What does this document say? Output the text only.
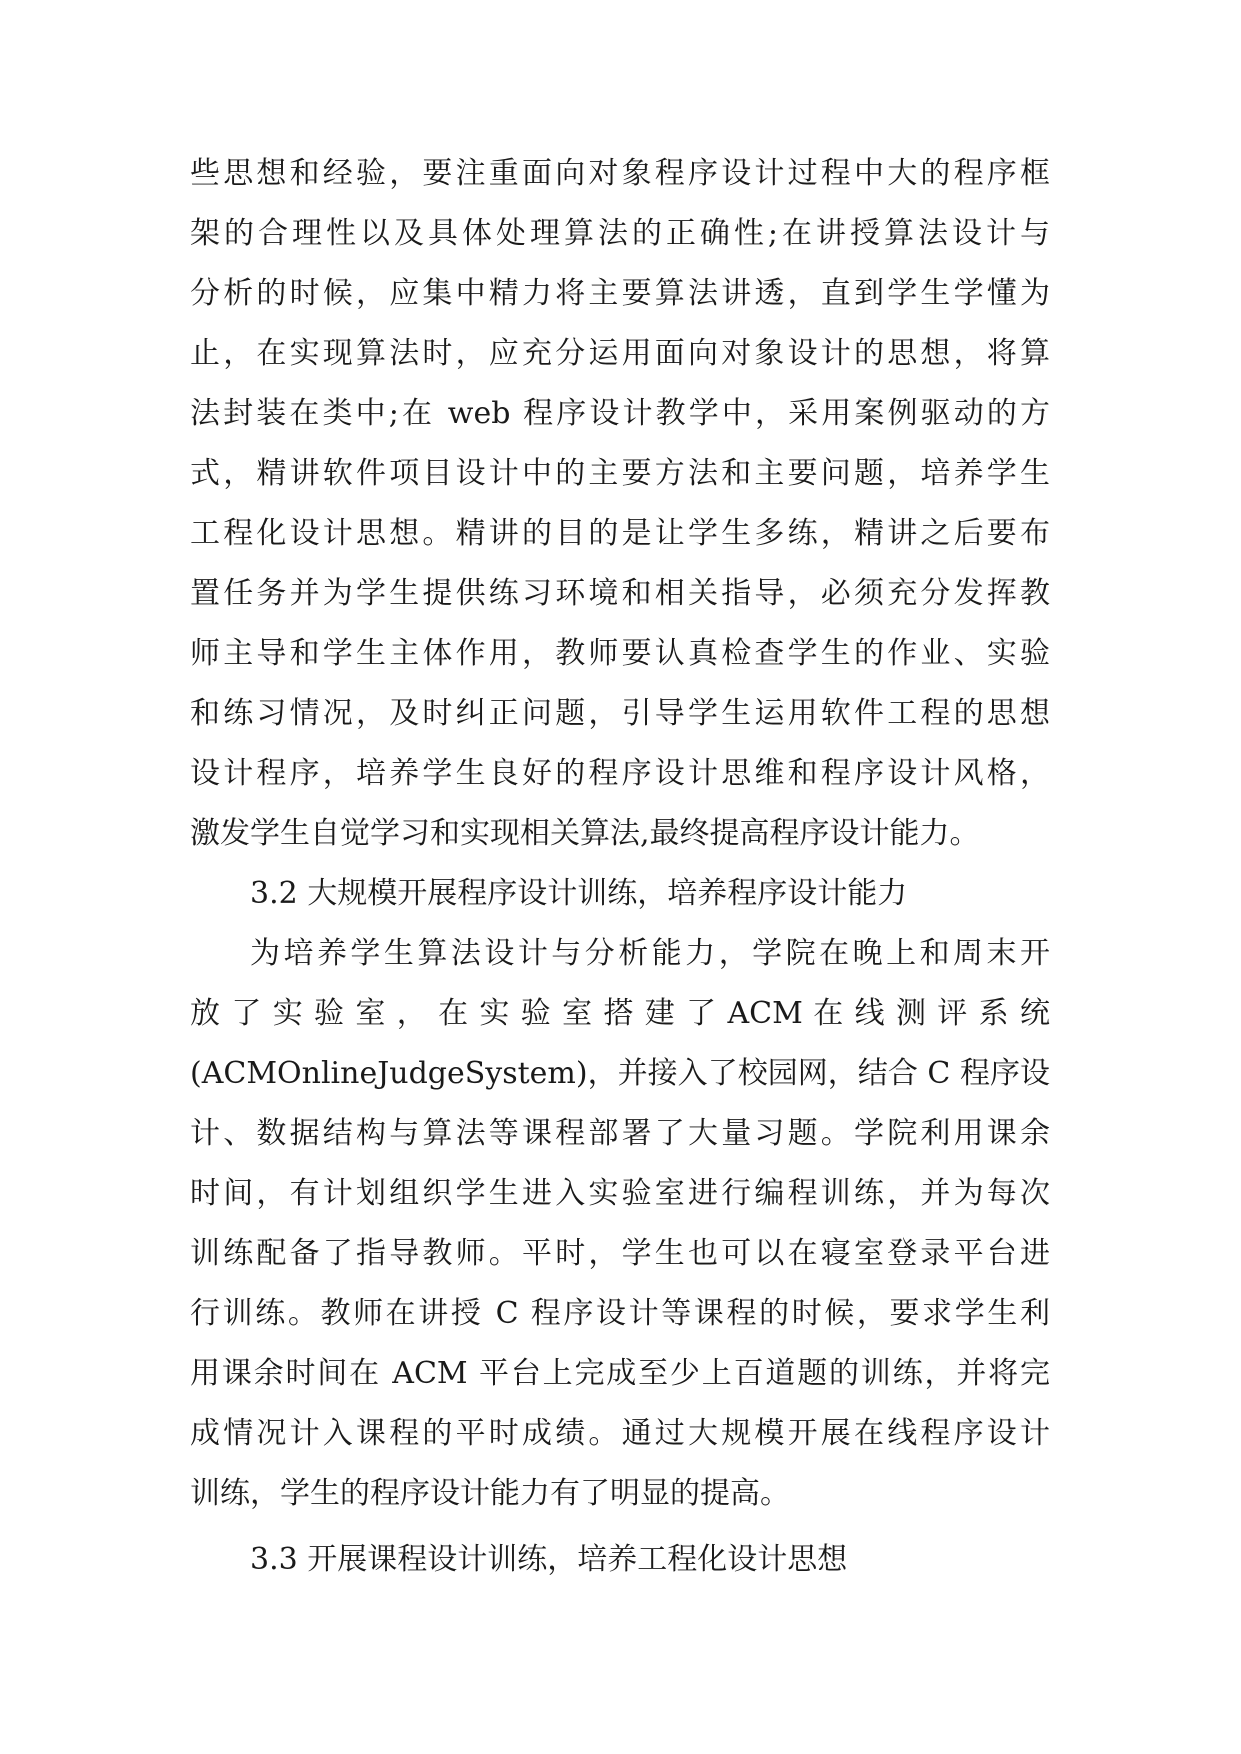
些思想和经验，要注重面向对象程序设计过程中大的程序框
架的合理性以及具体处理算法的正确性;在讲授算法设计与
分析的时候，应集中精力将主要算法讲透，直到学生学懂为
止，在实现算法时，应充分运用面向对象设计的思想，将算
法封装在类中;在 web 程序设计教学中，采用案例驱动的方
式，精讲软件项目设计中的主要方法和主要问题，培养学生
工程化设计思想。精讲的目的是让学生多练，精讲之后要布
置任务并为学生提供练习环境和相关指导，必须充分发挥教
师主导和学生主体作用，教师要认真检查学生的作业、实验
和练习情况，及时纠正问题，引导学生运用软件工程的思想
设计程序，培养学生良好的程序设计思维和程序设计风格，
激发学生自觉学习和实现相关算法,最终提高程序设计能力。
3.2 大规模开展程序设计训练，培养程序设计能力
为培养学生算法设计与分析能力，学院在晚上和周末开
放 了 实 验 室 ， 在 实 验 室 搭 建 了 ACM 在 线 测 评 系 统
(ACMOnlineJudgeSystem)，并接入了校园网，结合 C 程序设
计、数据结构与算法等课程部署了大量习题。学院利用课余
时间，有计划组织学生进入实验室进行编程训练，并为每次
训练配备了指导教师。平时，学生也可以在寝室登录平台进
行训练。教师在讲授 C 程序设计等课程的时候，要求学生利
用课余时间在 ACM 平台上完成至少上百道题的训练，并将完
成情况计入课程的平时成绩。通过大规模开展在线程序设计
训练，学生的程序设计能力有了明显的提高。
3.3 开展课程设计训练，培养工程化设计思想
